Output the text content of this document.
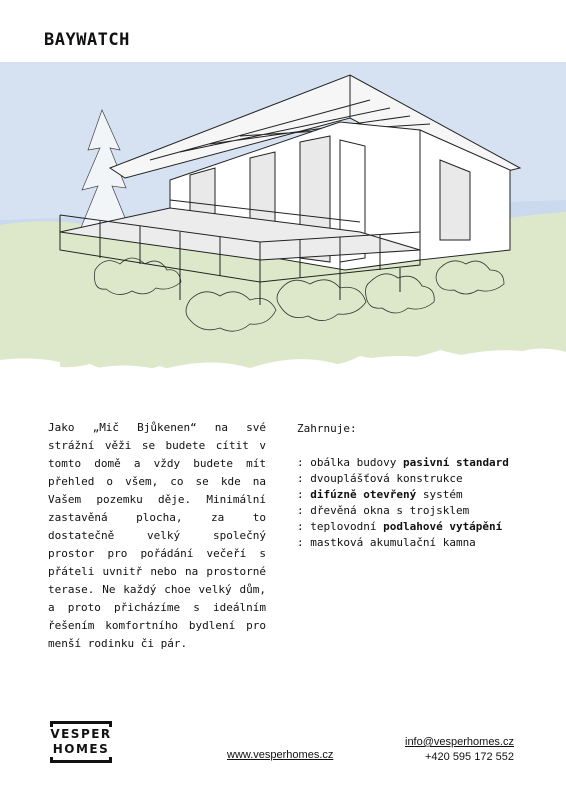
BAYWATCH
Jako „Mič Bjůkenen“ na své strážní věži se budete cítit v tomto domě a vždy budete mít přehled o všem, co se kde na Vašem pozemku děje. Minimální zastavěná plocha, za to dostatečně velký společný prostor pro pořádání večeří s přáteli uvnitř nebo na prostorné terase. Ne každý choe velký dům, a proto přicházíme s ideálním řešením komfortního bydlení pro menší rodinku či pár.
Zahrnuje:
: obálka budovy pasivní standard
: dvouplášťová konstrukce
: difúzně otevřený systém
: dřevěná okna s trojsklem
: teplovodní podlahové vytápění
: mastková akumulační kamna
VESPER
HOMES	www.vesperhomes.cz
info@vesperhomes.cz
+420 595 172 552
